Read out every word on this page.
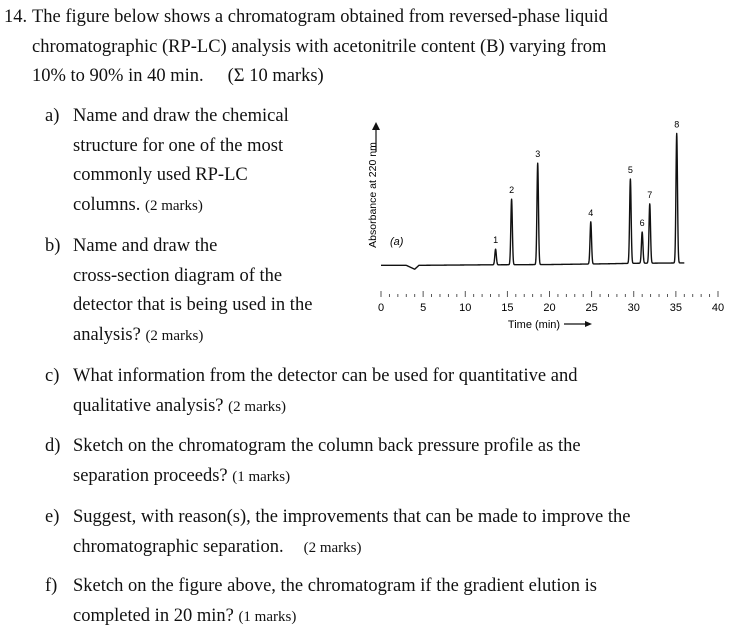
14. The figure below shows a chromatogram obtained from reversed-phase liquid
chromatographic (RP-LC) analysis with acetonitrile content (B) varying from
10% to 90% in 40 min. (Σ 10 marks)
a) Name and draw the chemical
structure for one of the most
commonly used RP-LC
columns. (2 marks)
b) Name and draw the
cross-section diagram of the
detector that is being used in the
analysis? (2 marks)
c) What information from the detector can be used for quantitative and
qualitative analysis? (2 marks)
d) Sketch on the chromatogram the column back pressure profile as the
separation proceeds? (1 marks)
e) Suggest, with reason(s), the improvements that can be made to improve the
chromatographic separation. (2 marks)
f) Sketch on the figure above, the chromatogram if the gradient elution is
completed in 20 min? (1 marks)
Absorbance at 220 nm (a)
0	5	10	15	20	25	30	35	40
1
2
3
4
5
6
7
8
Time (min)
